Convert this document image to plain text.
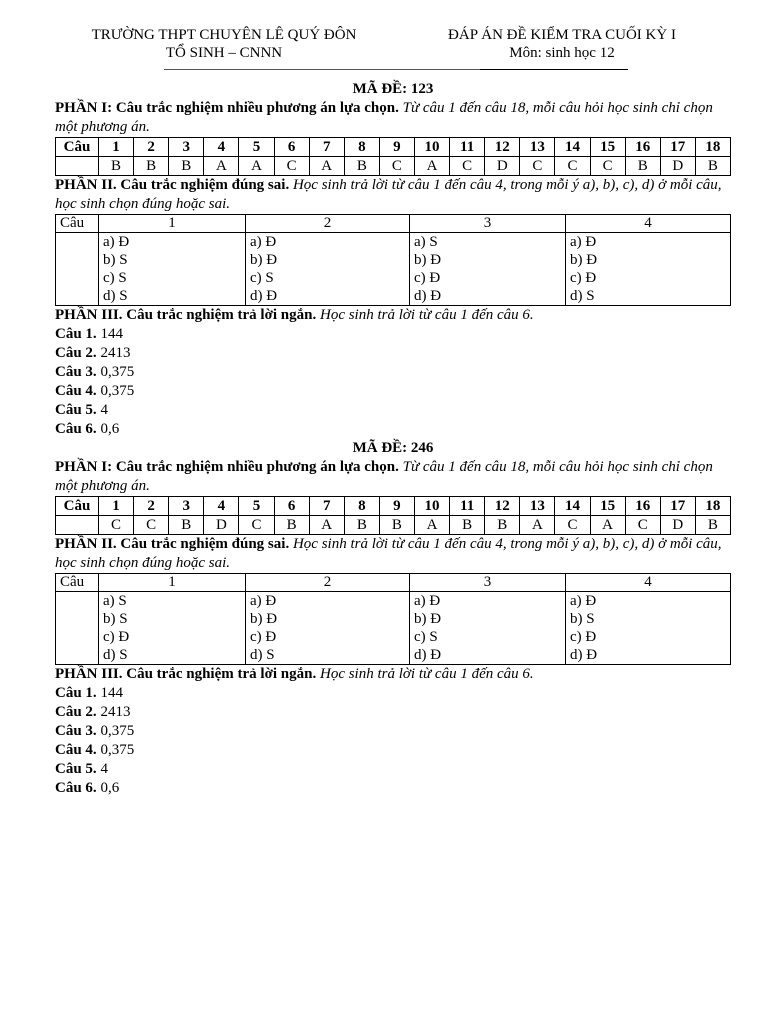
TRƯỜNG THPT CHUYÊN LÊ QUÝ ĐÔN
TỔ SINH – CNNN
ĐÁP ÁN ĐỀ KIỂM TRA CUỐI KỲ I
Môn: sinh học 12

MÃ ĐỀ: 123

PHẦN I: Câu trắc nghiệm nhiều phương án lựa chọn. Từ câu 1 đến câu 18, mỗi câu hỏi học sinh chỉ chọn một phương án.

Câu	1	2	3	4	5	6	7	8	9	10	11	12	13	14	15	16	17	18
	B	B	B	A	A	C	A	B	C	A	C	D	C	C	C	B	D	B

PHẦN II. Câu trắc nghiệm đúng sai. Học sinh trả lời từ câu 1 đến câu 4, trong mỗi ý a), b), c), d) ở mỗi câu, học sinh chọn đúng hoặc sai.

Câu	1	2	3	4

	a) Đ
b) S
c) S
d) S	a) Đ
b) Đ
c) S
d) Đ	a) S
b) Đ
c) Đ
d) Đ	a) Đ
b) Đ
c) Đ
d) S

PHẦN III. Câu trắc nghiệm trả lời ngắn. Học sinh trả lời từ câu 1 đến câu 6.

Câu 1. 144

Câu 2. 2413

Câu 3. 0,375

Câu 4. 0,375

Câu 5. 4

Câu 6. 0,6

MÃ ĐỀ: 246

PHẦN I: Câu trắc nghiệm nhiều phương án lựa chọn. Từ câu 1 đến câu 18, mỗi câu hỏi học sinh chỉ chọn một phương án.

Câu	1	2	3	4	5	6	7	8	9	10	11	12	13	14	15	16	17	18
	C	C	B	D	C	B	A	B	B	A	B	B	A	C	A	C	D	B

PHẦN II. Câu trắc nghiệm đúng sai. Học sinh trả lời từ câu 1 đến câu 4, trong mỗi ý a), b), c), d) ở mỗi câu, học sinh chọn đúng hoặc sai.

Câu	1	2	3	4

	a) S
b) S
c) Đ
d) S	a) Đ
b) Đ
c) Đ
d) S	a) Đ
b) Đ
c) S
d) Đ	a) Đ
b) S
c) Đ
d) Đ

PHẦN III. Câu trắc nghiệm trả lời ngắn. Học sinh trả lời từ câu 1 đến câu 6.

Câu 1. 144

Câu 2. 2413

Câu 3. 0,375

Câu 4. 0,375

Câu 5. 4

Câu 6. 0,6
